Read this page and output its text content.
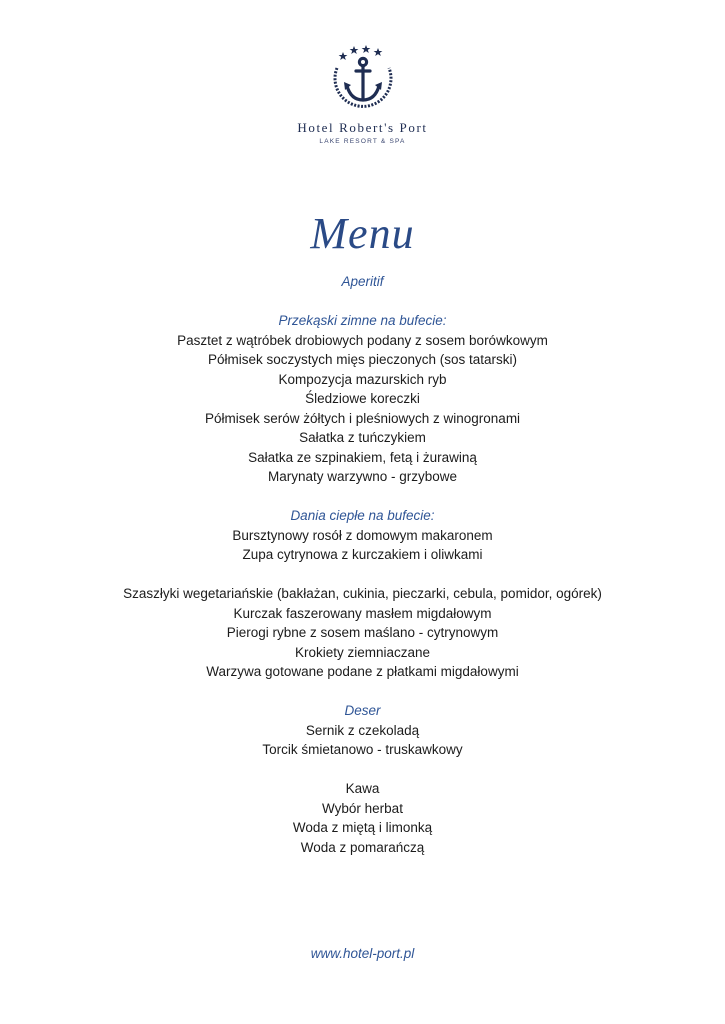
Hotel Robert's Port
LAKE RESORT & SPA
Menu
Aperitif
Przekąski zimne na bufecie:
Pasztet z wątróbek drobiowych podany z sosem borówkowym
Półmisek soczystych mięs pieczonych (sos tatarski)
Kompozycja mazurskich ryb
Śledziowe koreczki
Półmisek serów żółtych i pleśniowych z winogronami
Sałatka z tuńczykiem
Sałatka ze szpinakiem, fetą i żurawiną
Marynaty warzywno - grzybowe
Dania ciepłe na bufecie:
Bursztynowy rosół z domowym makaronem
Zupa cytrynowa z kurczakiem i oliwkami
Szaszłyki wegetariańskie (bakłażan, cukinia, pieczarki, cebula, pomidor, ogórek)
Kurczak faszerowany masłem migdałowym
Pierogi rybne z sosem maślano - cytrynowym
Krokiety ziemniaczane
Warzywa gotowane podane z płatkami migdałowymi
Deser
Sernik z czekoladą
Torcik śmietanowo - truskawkowy
Kawa
Wybór herbat
Woda z miętą i limonką
Woda z pomarańczą
www.hotel-port.pl
